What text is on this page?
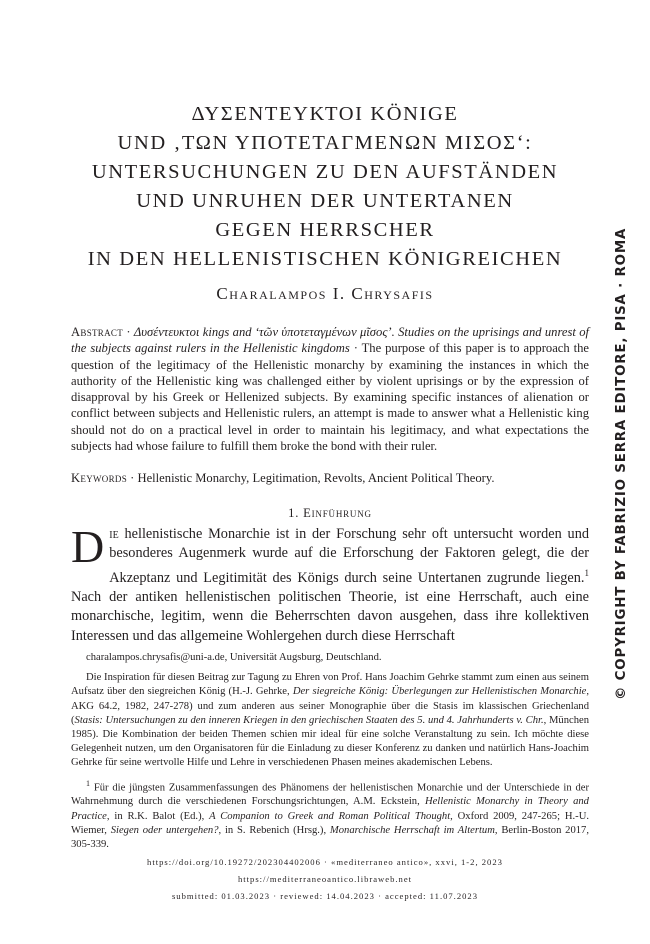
ΔΥΣΕΝΤΕΥΚΤΟΙ KÖNIGE
UND ‚ΤΩΝ ΥΠΟΤΕΤΑΓΜΕΝΩΝ ΜΙΣΟΣ‘:
UNTERSUCHUNGEN ZU DEN AUFSTÄNDEN
UND UNRUHEN DER UNTERTANEN
GEGEN HERRSCHER
IN DEN HELLENISTISCHEN KÖNIGREICHEN
Charalampos I. Chrysafis
Abstract · Δυσέντευκτοι kings and ‘τῶν ὑποτεταγμένων μῖσος’. Studies on the uprisings and unrest of the subjects against rulers in the Hellenistic kingdoms · The purpose of this paper is to approach the question of the legitimacy of the Hellenistic monarchy by examining the instances in which the authority of the Hellenistic king was challenged either by violent uprisings or by the expression of disapproval by his Greek or Hellenized subjects. By examining specific instances of alienation or conflict between subjects and Hellenistic rulers, an attempt is made to answer what a Hellenistic king should not do on a practical level in order to maintain his legitimacy, and what expectations the subjects had whose failure to fulfill them broke the bond with their ruler.
Keywords · Hellenistic Monarchy, Legitimation, Revolts, Ancient Political Theory.
1. Einführung
Die hellenistische Monarchie ist in der Forschung sehr oft untersucht worden und besonderes Augenmerk wurde auf die Erforschung der Faktoren gelegt, die der Akzeptanz und Legitimität des Königs durch seine Untertanen zugrunde liegen.$^1$ Nach der antiken hellenistischen politischen Theorie, ist eine Herrschaft, auch eine monarchische, legitim, wenn die Beherrschten davon ausgehen, dass ihre kollektiven Interessen und das allgemeine Wohlergehen durch diese Herrschaft
charalampos.chrysafis@uni-a.de, Universität Augsburg, Deutschland.
Die Inspiration für diesen Beitrag zur Tagung zu Ehren von Prof. Hans Joachim Gehrke stammt zum einen aus seinem Aufsatz über den siegreichen König (H.-J. Gehrke, Der siegreiche König: Überlegungen zur Hellenistischen Monarchie, AKG 64.2, 1982, 247-278) und zum anderen aus seiner Monographie über die Stasis im klassischen Griechenland (Stasis: Untersuchungen zu den inneren Kriegen in den griechischen Staaten des 5. und 4. Jahrhunderts v. Chr., München 1985). Die Kombination der beiden Themen schien mir ideal für eine solche Veranstaltung zu sein. Ich möchte diese Gelegenheit nutzen, um den Organisatoren für die Einladung zu dieser Konferenz zu danken und natürlich Hans-Joachim Gehrke für seine wertvolle Hilfe und Lehre in verschiedenen Phasen meines akademischen Lebens.
$^1$ Für die jüngsten Zusammenfassungen des Phänomens der hellenistischen Monarchie und der Unterschiede in der Wahrnehmung durch die verschiedenen Forschungsrichtungen, A.M. Eckstein, Hellenistic Monarchy in Theory and Practice, in R.K. Balot (Ed.), A Companion to Greek and Roman Political Thought, Oxford 2009, 247-265; H.-U. Wiemer, Siegen oder untergehen?, in S. Rebenich (Hrsg.), Monarchische Herrschaft im Altertum, Berlin-Boston 2017, 305-339.
https://doi.org/10.19272/202304402006 · «mediterraneo antico», xxvi, 1-2, 2023
https://mediterraneoantico.libraweb.net
submitted: 01.03.2023 · reviewed: 14.04.2023 · accepted: 11.07.2023
© COPYRIGHT BY FABRIZIO SERRA EDITORE, PISA · ROMA
